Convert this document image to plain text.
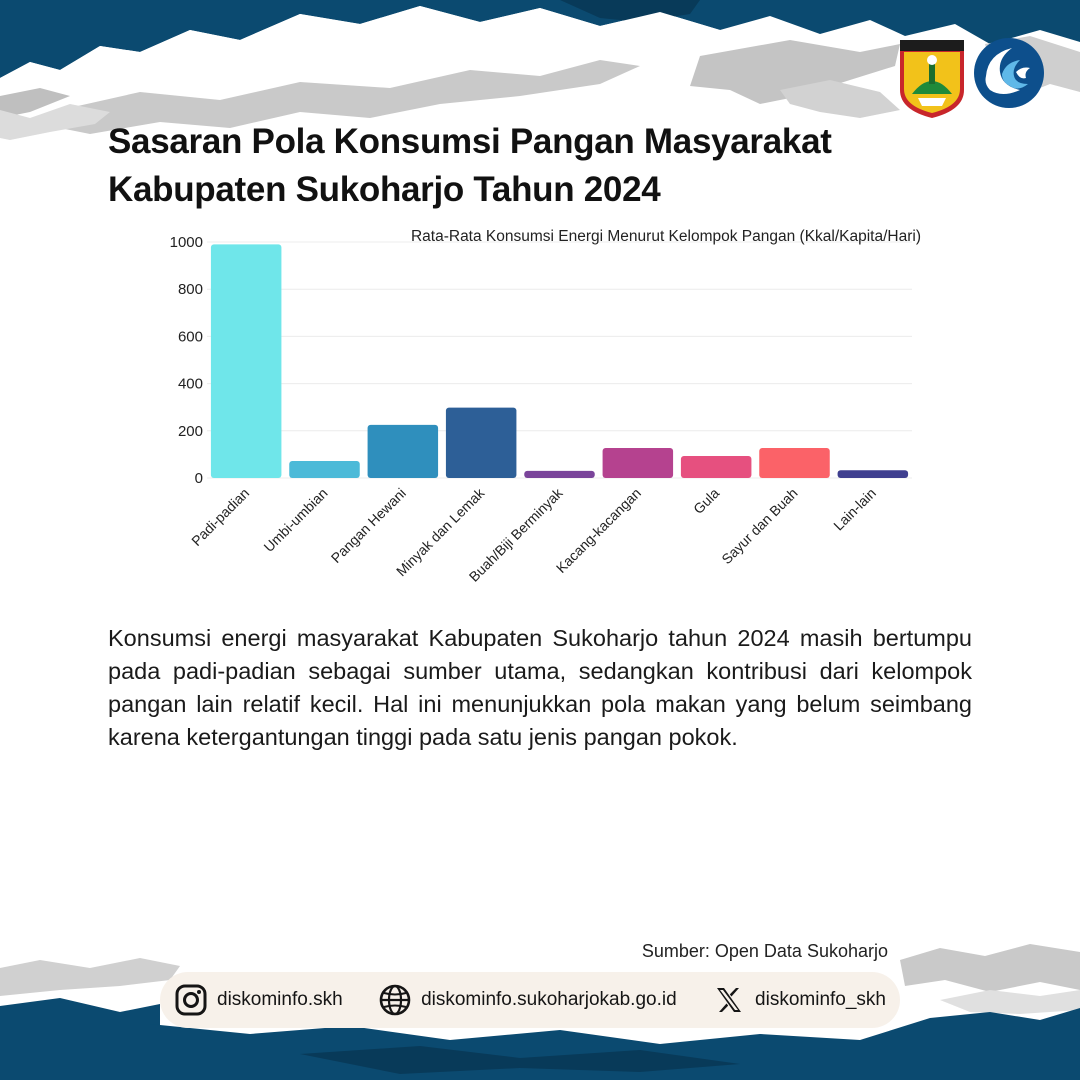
Sasaran Pola Konsumsi Pangan Masyarakat
Kabupaten Sukoharjo Tahun 2024
0
200
400
600
800
1000
Padi-padian Umbi-umbian
Pangan Hewani
Minyak dan Lemak
Buah/Biji Berminyak
Kacang-kacangan	Gula
Sayur dan Buah Lain-lain
Rata-Rata Konsumsi Energi Menurut Kelompok Pangan (Kkal/Kapita/Hari)

Konsumsi energi masyarakat Kabupaten Sukoharjo tahun 2024 masih bertumpu pada padi-padian sebagai sumber utama, sedangkan kontribusi dari kelompok pangan lain relatif kecil. Hal ini menunjukkan pola makan yang belum seimbang karena ketergantungan tinggi pada satu jenis pangan pokok.

Sumber: Open Data Sukoharjo
diskominfo.skh	diskominfo.sukoharjokab.go.id	diskominfo_skh
